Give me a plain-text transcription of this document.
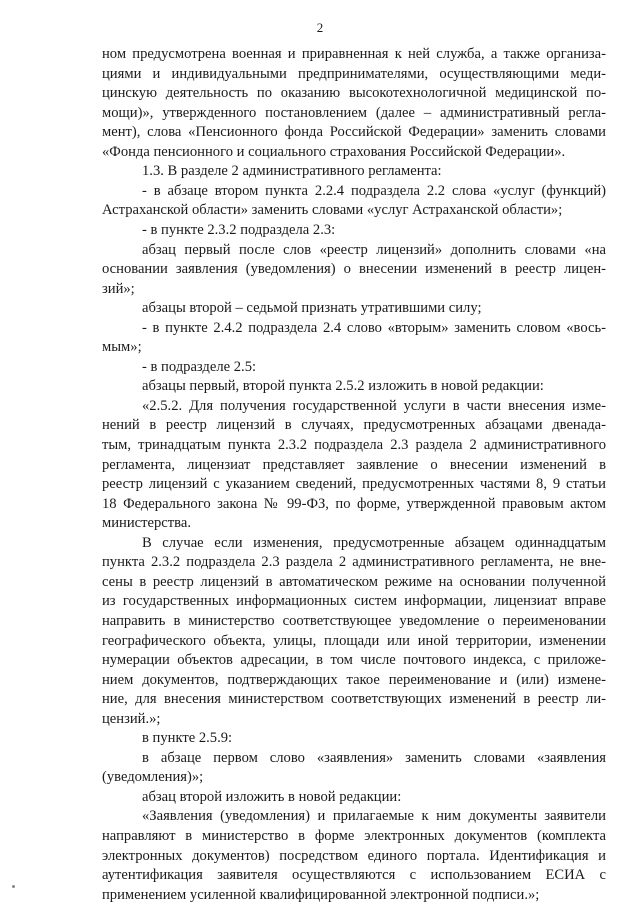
2
ном предусмотрена военная и приравненная к ней служба, а также организа-
циями и индивидуальными предпринимателями, осуществляющими меди-
цинскую деятельность по оказанию высокотехнологичной медицинской по-
мощи)», утвержденного постановлением (далее – административный регла-
мент), слова «Пенсионного фонда Российской Федерации» заменить словами
«Фонда пенсионного и социального страхования Российской Федерации».
1.3. В разделе 2 административного регламента:
- в абзаце втором пункта 2.2.4 подраздела 2.2 слова «услуг (функций)
Астраханской области» заменить словами «услуг Астраханской области»;
- в пункте 2.3.2 подраздела 2.3:
абзац первый после слов «реестр лицензий» дополнить словами «на
основании заявления (уведомления) о внесении изменений в реестр лицен-
зий»;
абзацы второй – седьмой признать утратившими силу;
- в пункте 2.4.2 подраздела 2.4 слово «вторым» заменить словом «вось-
мым»;
- в подразделе 2.5:
абзацы первый, второй пункта 2.5.2 изложить в новой редакции:
«2.5.2. Для получения государственной услуги в части внесения изме-
нений в реестр лицензий в случаях, предусмотренных абзацами двенада-
тым, тринадцатым пункта 2.3.2 подраздела 2.3 раздела 2 административного
регламента, лицензиат представляет заявление о внесении изменений в
реестр лицензий с указанием сведений, предусмотренных частями 8, 9 статьи
18 Федерального закона № 99-ФЗ, по форме, утвержденной правовым актом
министерства.
В случае если изменения, предусмотренные абзацем одиннадцатым
пункта 2.3.2 подраздела 2.3 раздела 2 административного регламента, не вне-
сены в реестр лицензий в автоматическом режиме на основании полученной
из государственных информационных систем информации, лицензиат вправе
направить в министерство соответствующее уведомление о переименовании
географического объекта, улицы, площади или иной территории, изменении
нумерации объектов адресации, в том числе почтового индекса, с приложе-
нием документов, подтверждающих такое переименование и (или) измене-
ние, для внесения министерством соответствующих изменений в реестр ли-
цензий.»;
в пункте 2.5.9:
в абзаце первом слово «заявления» заменить словами «заявления
(уведомления)»;
абзац второй изложить в новой редакции:
«Заявления (уведомления) и прилагаемые к ним документы заявители
направляют в министерство в форме электронных документов (комплекта
электронных документов) посредством единого портала. Идентификация и
аутентификация заявителя осуществляются с использованием ЕСИА с
применением усиленной квалифицированной электронной подписи.»;
